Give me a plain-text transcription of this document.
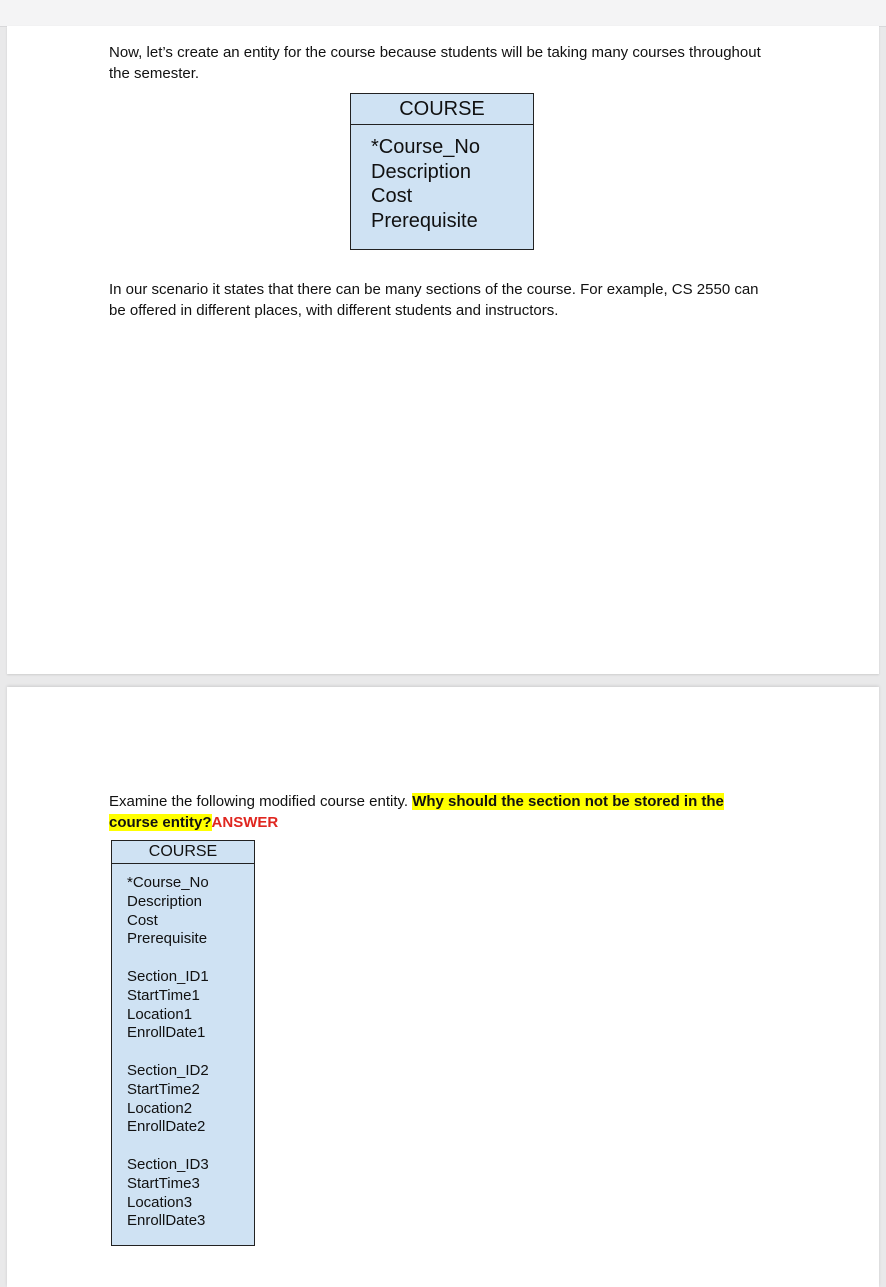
Now, let’s create an entity for the course because students will be taking many courses throughout the semester.

COURSE
*Course_No
Description
Cost
Prerequisite

In our scenario it states that there can be many sections of the course. For example, CS 2550 can be offered in different places, with different students and instructors.

Examine the following modified course entity. Why should the section not be stored in the course entity?ANSWER

COURSE
*Course_No
Description
Cost
Prerequisite
Section_ID1
StartTime1
Location1
EnrollDate1
Section_ID2
StartTime2
Location2
EnrollDate2
Section_ID3
StartTime3
Location3
EnrollDate3
